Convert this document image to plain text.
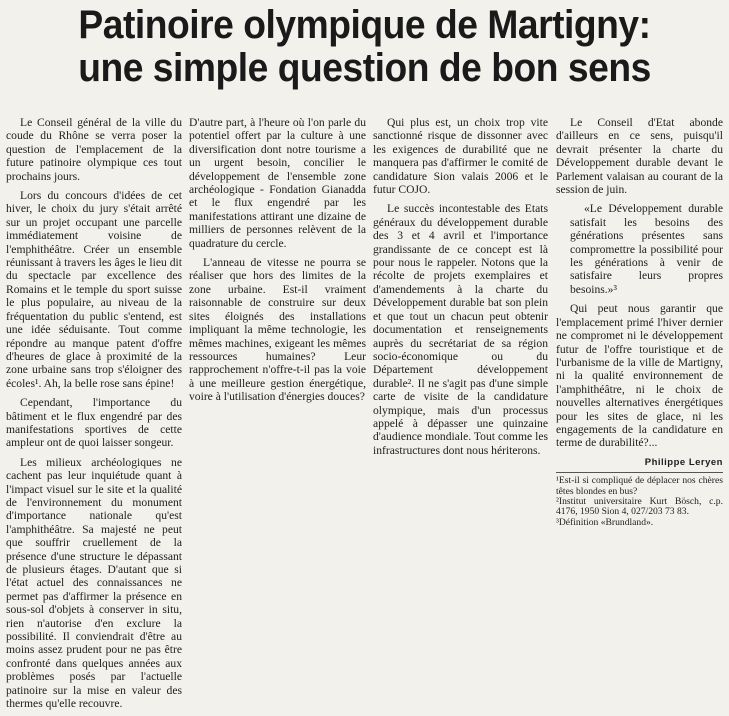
Patinoire olympique de Martigny:
une simple question de bon sens

Le Conseil général de la ville du coude du Rhône se verra poser la question de l'emplacement de la future patinoire olympique ces tout prochains jours.

Lors du concours d'idées de cet hiver, le choix du jury s'était arrêté sur un projet occupant une parcelle immédiatement voisine de l'emphithéâtre. Créer un ensemble réunissant à travers les âges le lieu dit du spectacle par excellence des Romains et le temple du sport suisse le plus populaire, au niveau de la fréquentation du public s'entend, est une idée séduisante. Tout comme répondre au manque patent d'offre d'heures de glace à proximité de la zone urbaine sans trop s'éloigner des écoles¹. Ah, la belle rose sans épine!

Cependant, l'importance du bâtiment et le flux engendré par des manifestations sportives de cette ampleur ont de quoi laisser songeur.

Les milieux archéologiques ne cachent pas leur inquiétude quant à l'impact visuel sur le site et la qualité de l'environnement du monument d'importance nationale qu'est l'amphithéâtre. Sa majesté ne peut que souffrir cruellement de la présence d'une structure le dépassant de plusieurs étages. D'autant que si l'état actuel des connaissances ne permet pas d'affirmer la présence en sous-sol d'objets à conserver in situ, rien n'autorise d'en exclure la possibilité. Il conviendrait d'être au moins assez prudent pour ne pas être confronté dans quelques années aux problèmes posés par l'actuelle patinoire sur la mise en valeur des thermes qu'elle recouvre.

D'autre part, à l'heure où l'on parle du potentiel offert par la culture à une diversification dont notre tourisme a un urgent besoin, concilier le développement de l'ensemble zone archéologique - Fondation Gianadda et le flux engendré par les manifestations attirant une dizaine de milliers de personnes relèvent de la quadrature du cercle.

L'anneau de vitesse ne pourra se réaliser que hors des limites de la zone urbaine. Est-il vraiment raisonnable de construire sur deux sites éloignés des installations impliquant la même technologie, les mêmes machines, exigeant les mêmes ressources humaines? Leur rapprochement n'offre-t-il pas la voie à une meilleure gestion énergétique, voire à l'utilisation d'énergies douces?

Qui plus est, un choix trop vite sanctionné risque de dissonner avec les exigences de durabilité que ne manquera pas d'affirmer le comité de candidature Sion valais 2006 et le futur COJO.

Le succès incontestable des Etats généraux du développement durable des 3 et 4 avril et l'importance grandissante de ce concept est là pour nous le rappeler. Notons que la récolte de projets exemplaires et d'amendements à la charte du Développement durable bat son plein et que tout un chacun peut obtenir documentation et renseignements auprès du secrétariat de sa région socio-économique ou du Département développement durable². Il ne s'agit pas d'une simple carte de visite de la candidature olympique, mais d'un processus appelé à dépasser une quinzaine d'audience mondiale. Tout comme les infrastructures dont nous hériterons.

Le Conseil d'Etat abonde d'ailleurs en ce sens, puisqu'il devrait présenter la charte du Développement durable devant le Parlement valaisan au courant de la session de juin.

«Le Développement durable satisfait les besoins des générations présentes sans compromettre la possibilité pour les générations à venir de satisfaire leurs propres besoins.»³

Qui peut nous garantir que l'emplacement primé l'hiver dernier ne compromet ni le développement futur de l'offre touristique et de l'urbanisme de la ville de Martigny, ni la qualité environnement de l'amphithéâtre, ni le choix de nouvelles alternatives énergétiques pour les sites de glace, ni les engagements de la candidature en terme de durabilité?...

Philippe Leryen
¹Est-il si compliqué de déplacer nos chères têtes blondes en bus?
²Institut universitaire Kurt Bösch, c.p. 4176, 1950 Sion 4, 027/203 73 83.
³Définition «Brundland».
